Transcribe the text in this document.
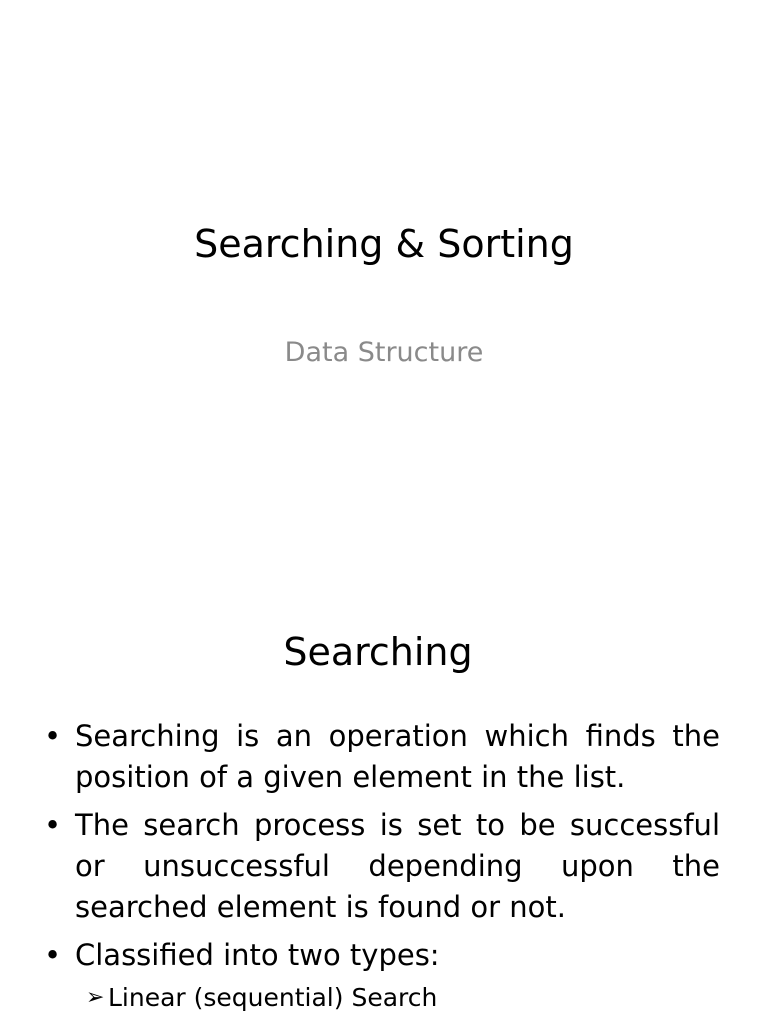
Searching & Sorting
Data Structure
Searching
• Searching is an operation which finds the position of a given element in the list.
• The search process is set to be successful or unsuccessful depending upon the searched element is found or not.
• Classified into two types:
➢ Linear (sequential) Search
